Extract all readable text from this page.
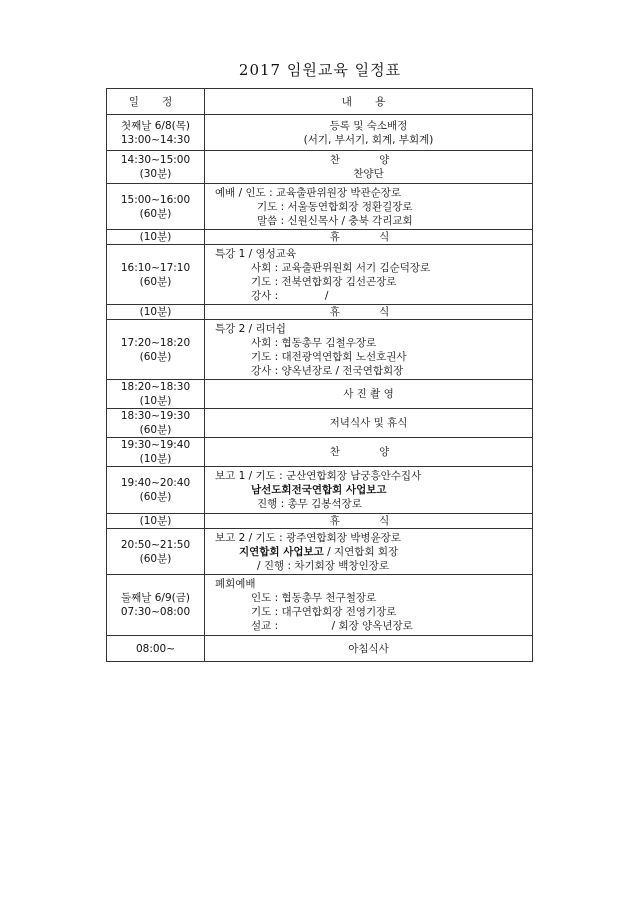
2017 임원교육 일정표
일 정	내 용

첫째날 6/8(목)
13:00~14:30	등록 및 숙소배정
(서기, 부서기, 회계, 부회계)

14:30~15:00
(30분)	찬 양
찬양단

15:00~16:00
(60분)	예배 / 인도 : 교육출판위원장 박관순장로
기도 : 서울동연합회장 정환길장로
말씀 : 신원신목사 / 충북 각리교회

(10분)	휴 식

16:10~17:10
(60분)	특강 1 / 영성교육
사회 : 교육출판위원회 서기 김순덕장로
기도 : 전북연합회장 김선곤장로
강사 :              /

(10분)	휴 식

17:20~18:20
(60분)	특강 2 / 리더쉽
사회 : 협동총무 김철우장로
기도 : 대전광역연합회 노선호권사
강사 : 양옥년장로 / 전국연합회장

18:20~18:30
(10분)	사 진 촬 영

18:30~19:30
(60분)	저녁식사 및 휴식

19:30~19:40
(10분)	찬 양

19:40~20:40
(60분)	보고 1 / 기도 : 군산연합회장 남궁흥안수집사
남선도회전국연합회 사업보고
진행 : 총무 김봉석장로

(10분)	휴 식

20:50~21:50
(60분)	보고 2 / 기도 : 광주연합회장 박병윤장로
지연합회 사업보고 / 지연합회 회장
/ 진행 : 차기회장 백창인장로

둘째날 6/9(금)
07:30~08:00	폐회예배
인도 : 협동총무 천구철장로
기도 : 대구연합회장 전영기장로
설교 :                / 회장 양옥년장로

08:00~	아침식사
